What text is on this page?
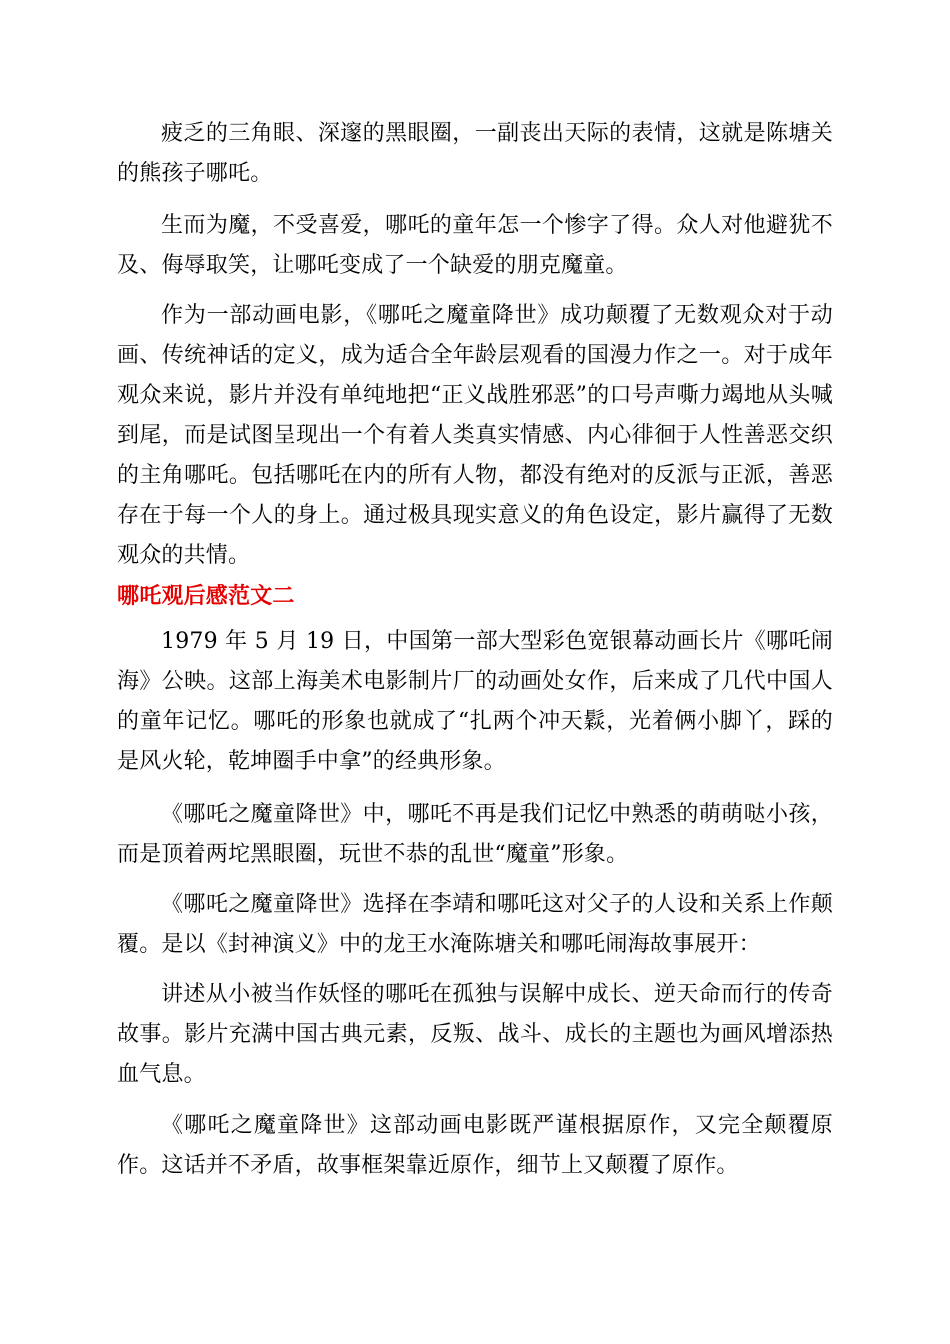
疲乏的三角眼、深邃的黑眼圈，一副丧出天际的表情，这就是陈塘关的熊孩子哪吒。

生而为魔，不受喜爱，哪吒的童年怎一个惨字了得。众人对他避犹不及、侮辱取笑，让哪吒变成了一个缺爱的朋克魔童。

作为一部动画电影，《哪吒之魔童降世》成功颠覆了无数观众对于动画、传统神话的定义，成为适合全年龄层观看的国漫力作之一。对于成年观众来说，影片并没有单纯地把“正义战胜邪恶”的口号声嘶力竭地从头喊到尾，而是试图呈现出一个有着人类真实情感、内心徘徊于人性善恶交织的主角哪吒。包括哪吒在内的所有人物，都没有绝对的反派与正派，善恶存在于每一个人的身上。通过极具现实意义的角色设定，影片赢得了无数观众的共情。

哪吒观后感范文二

1979 年 5 月 19 日，中国第一部大型彩色宽银幕动画长片《哪吒闹海》公映。这部上海美术电影制片厂的动画处女作，后来成了几代中国人的童年记忆。哪吒的形象也就成了“扎两个冲天鬏，光着俩小脚丫，踩的是风火轮，乾坤圈手中拿”的经典形象。

《哪吒之魔童降世》中，哪吒不再是我们记忆中熟悉的萌萌哒小孩，而是顶着两坨黑眼圈，玩世不恭的乱世“魔童”形象。

《哪吒之魔童降世》选择在李靖和哪吒这对父子的人设和关系上作颠覆。是以《封神演义》中的龙王水淹陈塘关和哪吒闹海故事展开：

讲述从小被当作妖怪的哪吒在孤独与误解中成长、逆天命而行的传奇故事。影片充满中国古典元素，反叛、战斗、成长的主题也为画风增添热血气息。

《哪吒之魔童降世》这部动画电影既严谨根据原作，又完全颠覆原作。这话并不矛盾，故事框架靠近原作，细节上又颠覆了原作。
